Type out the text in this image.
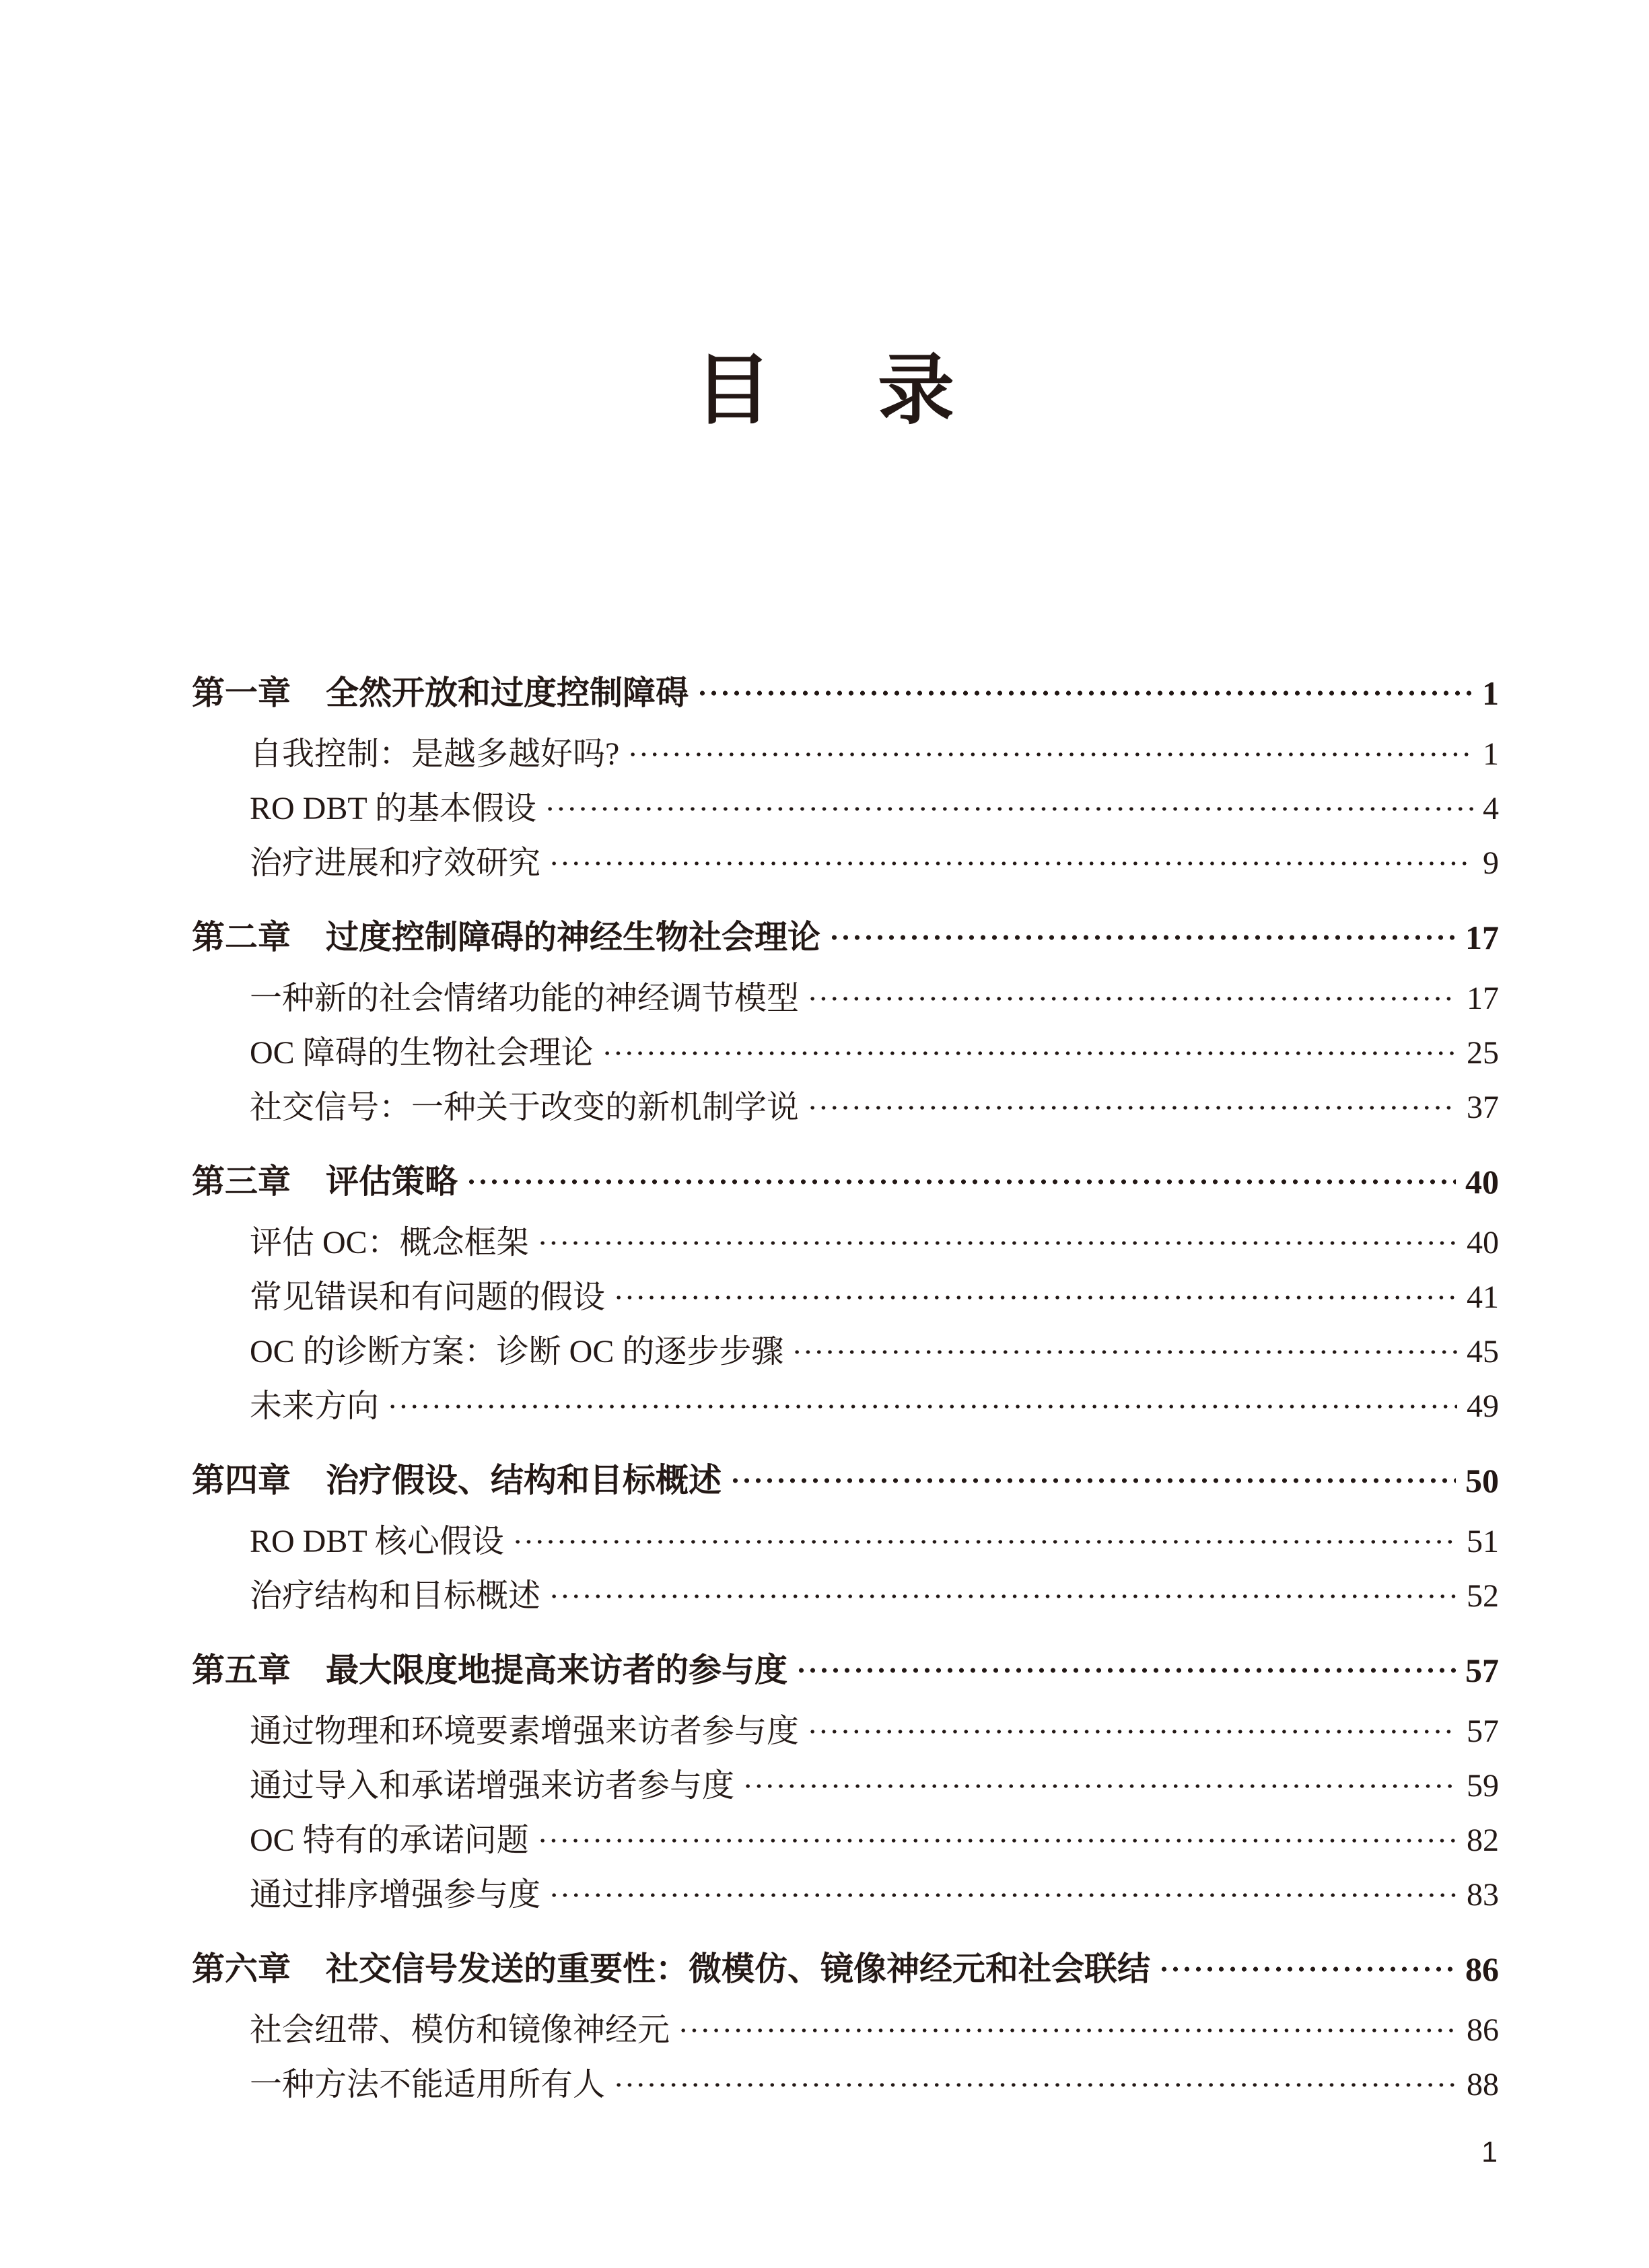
目 录
第一章 全然开放和过度控制障碍	1
自我控制：是越多越好吗?	1
RO DBT 的基本假设	4
治疗进展和疗效研究	9
第二章 过度控制障碍的神经生物社会理论	17
一种新的社会情绪功能的神经调节模型	17
OC 障碍的生物社会理论	25
社交信号：一种关于改变的新机制学说	37
第三章 评估策略	40
评估 OC：概念框架	40
常见错误和有问题的假设	41
OC 的诊断方案：诊断 OC 的逐步步骤	45
未来方向	49
第四章 治疗假设、结构和目标概述	50
RO DBT 核心假设	51
治疗结构和目标概述	52
第五章 最大限度地提高来访者的参与度	57
通过物理和环境要素增强来访者参与度	57
通过导入和承诺增强来访者参与度	59
OC 特有的承诺问题	82
通过排序增强参与度	83
第六章 社交信号发送的重要性：微模仿、镜像神经元和社会联结	86
社会纽带、模仿和镜像神经元	86
一种方法不能适用所有人	88
1
